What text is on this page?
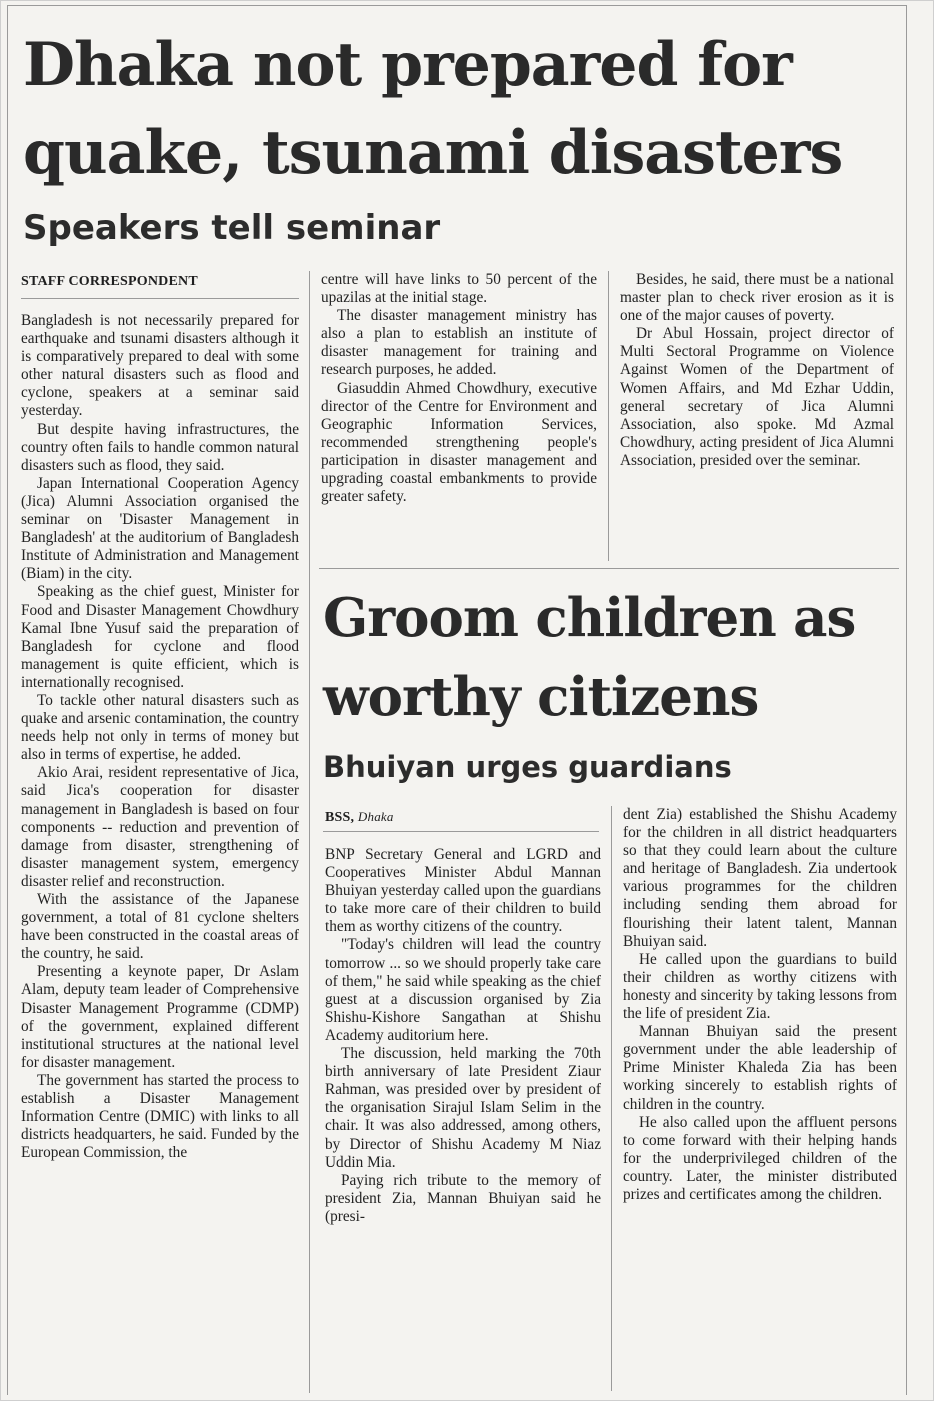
Dhaka not prepared for
quake, tsunami disasters
Speakers tell seminar
STAFF CORRESPONDENT

Bangladesh is not necessarily prepared for earthquake and tsunami disasters although it is comparatively prepared to deal with some other natural disasters such as flood and cyclone, speakers at a seminar said yesterday.

But despite having infrastructures, the country often fails to handle common natural disasters such as flood, they said.

Japan International Cooperation Agency (Jica) Alumni Association organised the seminar on 'Disaster Management in Bangladesh' at the auditorium of Bangladesh Institute of Administration and Management (Biam) in the city.

Speaking as the chief guest, Minister for Food and Disaster Management Chowdhury Kamal Ibne Yusuf said the preparation of Bangladesh for cyclone and flood management is quite efficient, which is internationally recognised.

To tackle other natural disasters such as quake and arsenic contamination, the country needs help not only in terms of money but also in terms of expertise, he added.

Akio Arai, resident representative of Jica, said Jica's cooperation for disaster management in Bangladesh is based on four components -- reduction and prevention of damage from disaster, strengthening of disaster management system, emergency disaster relief and reconstruction.

With the assistance of the Japanese government, a total of 81 cyclone shelters have been constructed in the coastal areas of the country, he said.

Presenting a keynote paper, Dr Aslam Alam, deputy team leader of Comprehensive Disaster Management Programme (CDMP) of the government, explained different institutional structures at the national level for disaster management.

The government has started the process to establish a Disaster Management Information Centre (DMIC) with links to all districts headquarters, he said. Funded by the European Commission, the

centre will have links to 50 percent of the upazilas at the initial stage.

The disaster management ministry has also a plan to establish an institute of disaster management for training and research purposes, he added.

Giasuddin Ahmed Chowdhury, executive director of the Centre for Environment and Geographic Information Services, recommended strengthening people's participation in disaster management and upgrading coastal embankments to provide greater safety.

Besides, he said, there must be a national master plan to check river erosion as it is one of the major causes of poverty.

Dr Abul Hossain, project director of Multi Sectoral Programme on Violence Against Women of the Department of Women Affairs, and Md Ezhar Uddin, general secretary of Jica Alumni Association, also spoke. Md Azmal Chowdhury, acting president of Jica Alumni Association, presided over the seminar.

Groom children as
worthy citizens
Bhuiyan urges guardians
BSS, Dhaka

BNP Secretary General and LGRD and Cooperatives Minister Abdul Mannan Bhuiyan yesterday called upon the guardians to take more care of their children to build them as worthy citizens of the country.

"Today's children will lead the country tomorrow ... so we should properly take care of them," he said while speaking as the chief guest at a discussion organised by Zia Shishu-Kishore Sangathan at Shishu Academy auditorium here.

The discussion, held marking the 70th birth anniversary of late President Ziaur Rahman, was presided over by president of the organisation Sirajul Islam Selim in the chair. It was also addressed, among others, by Director of Shishu Academy M Niaz Uddin Mia.

Paying rich tribute to the memory of president Zia, Mannan Bhuiyan said he (presi-

dent Zia) established the Shishu Academy for the children in all district headquarters so that they could learn about the culture and heritage of Bangladesh. Zia undertook various programmes for the children including sending them abroad for flourishing their latent talent, Mannan Bhuiyan said.

He called upon the guardians to build their children as worthy citizens with honesty and sincerity by taking lessons from the life of president Zia.

Mannan Bhuiyan said the present government under the able leadership of Prime Minister Khaleda Zia has been working sincerely to establish rights of children in the country.

He also called upon the affluent persons to come forward with their helping hands for the underprivileged children of the country. Later, the minister distributed prizes and certificates among the children.
